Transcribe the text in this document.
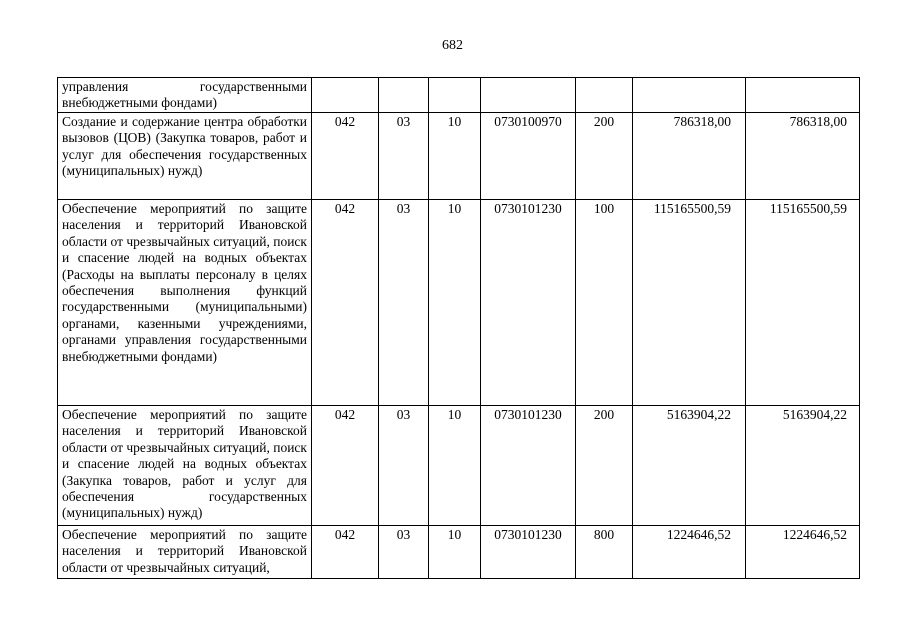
682
управления государственными внебюджетными фондами)							
Создание и содержание центра обработки вызовов (ЦОВ) (Закупка товаров, работ и услуг для обеспечения государственных (муниципальных) нужд)	042	03	10	0730100970	200	786318,00	786318,00
Обеспечение мероприятий по защите населения и территорий Ивановской области от чрезвычайных ситуаций, поиск и спасение людей на водных объектах (Расходы на выплаты персоналу в целях обеспечения выполнения функций государственными (муниципальными) органами, казенными учреждениями, органами управления государственными внебюджетными фондами)	042	03	10	0730101230	100	115165500,59	115165500,59
Обеспечение мероприятий по защите населения и территорий Ивановской области от чрезвычайных ситуаций, поиск и спасение людей на водных объектах (Закупка товаров, работ и услуг для обеспечения государственных (муниципальных) нужд)	042	03	10	0730101230	200	5163904,22	5163904,22
Обеспечение мероприятий по защите населения и территорий Ивановской области от чрезвычайных ситуаций,	042	03	10	0730101230	800	1224646,52	1224646,52
